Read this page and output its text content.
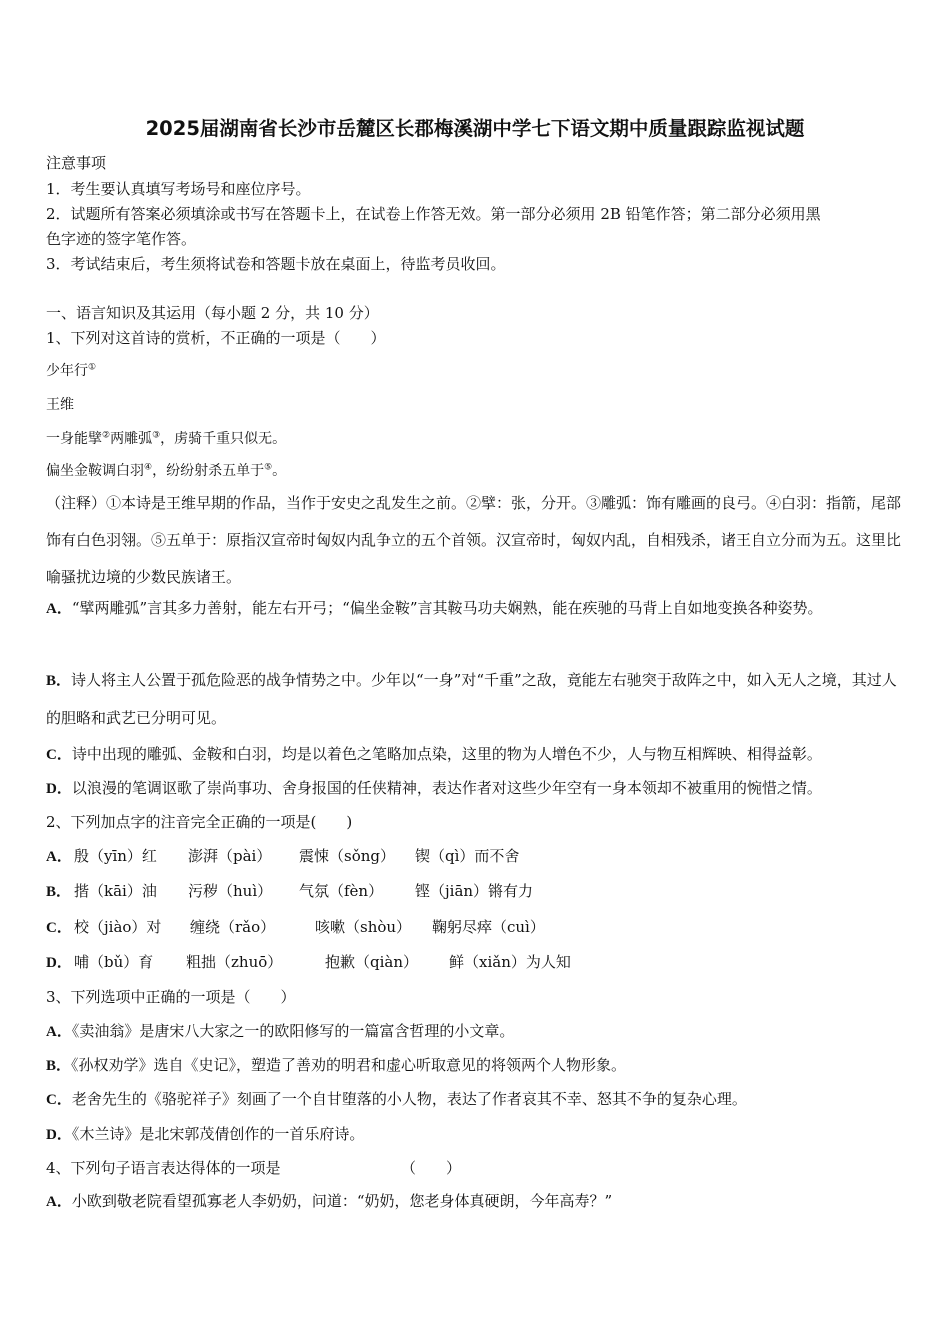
2025届湖南省长沙市岳麓区长郡梅溪湖中学七下语文期中质量跟踪监视试题
注意事项
1．考生要认真填写考场号和座位序号。
2．试题所有答案必须填涂或书写在答题卡上，在试卷上作答无效。第一部分必须用 2B 铅笔作答；第二部分必须用黑
色字迹的签字笔作答。
3．考试结束后，考生须将试卷和答题卡放在桌面上，待监考员收回。
一、语言知识及其运用（每小题 2 分，共 10 分）
1、下列对这首诗的赏析，不正确的一项是（　　）
少年行①
王维
一身能擘②两雕弧③，虏骑千重只似无。
偏坐金鞍调白羽④，纷纷射杀五单于⑤。
（注释）①本诗是王维早期的作品，当作于安史之乱发生之前。②擘：张，分开。③雕弧：饰有雕画的良弓。④白羽：指箭，尾部饰有白色羽翎。⑤五单于：原指汉宣帝时匈奴内乱争立的五个首领。汉宣帝时，匈奴内乱，自相残杀，诸王自立分而为五。这里比喻骚扰边境的少数民族诸王。
A．“擘两雕弧”言其多力善射，能左右开弓；“偏坐金鞍”言其鞍马功夫娴熟，能在疾驰的马背上自如地变换各种姿势。
B．诗人将主人公置于孤危险恶的战争情势之中。少年以“一身”对“千重”之敌，竟能左右驰突于敌阵之中，如入无人之境，其过人的胆略和武艺已分明可见。
C．诗中出现的雕弧、金鞍和白羽，均是以着色之笔略加点染，这里的物为人增色不少，人与物互相辉映、相得益彰。
D．以浪漫的笔调讴歌了崇尚事功、舍身报国的任侠精神，表达作者对这些少年空有一身本领却不被重用的惋惜之情。
2、下列加点字的注音完全正确的一项是(　　)
A． 殷（yīn）红 澎湃（pài） 震悚（sǒng） 锲（qì）而不舍
B． 揩（kāi）油 污秽（huì） 气氛（fèn） 铿（jiān）锵有力
C． 校（jiào）对 缠绕（rǎo）	咳嗽（shòu） 鞠躬尽瘁（cuì）
D． 哺（bǔ）育 粗拙（zhuō）	抱歉（qiàn） 鲜（xiǎn）为人知
3、下列选项中正确的一项是（　　）
A．《卖油翁》是唐宋八大家之一的欧阳修写的一篇富含哲理的小文章。
B．《孙权劝学》选自《史记》，塑造了善劝的明君和虚心听取意见的将领两个人物形象。
C．老舍先生的《骆驼祥子》刻画了一个自甘堕落的小人物，表达了作者哀其不幸、怒其不争的复杂心理。
D．《木兰诗》是北宋郭茂倩创作的一首乐府诗。
4、下列句子语言表达得体的一项是	（　　）
A．小欧到敬老院看望孤寡老人李奶奶，问道：“奶奶，您老身体真硬朗，今年高寿？”
